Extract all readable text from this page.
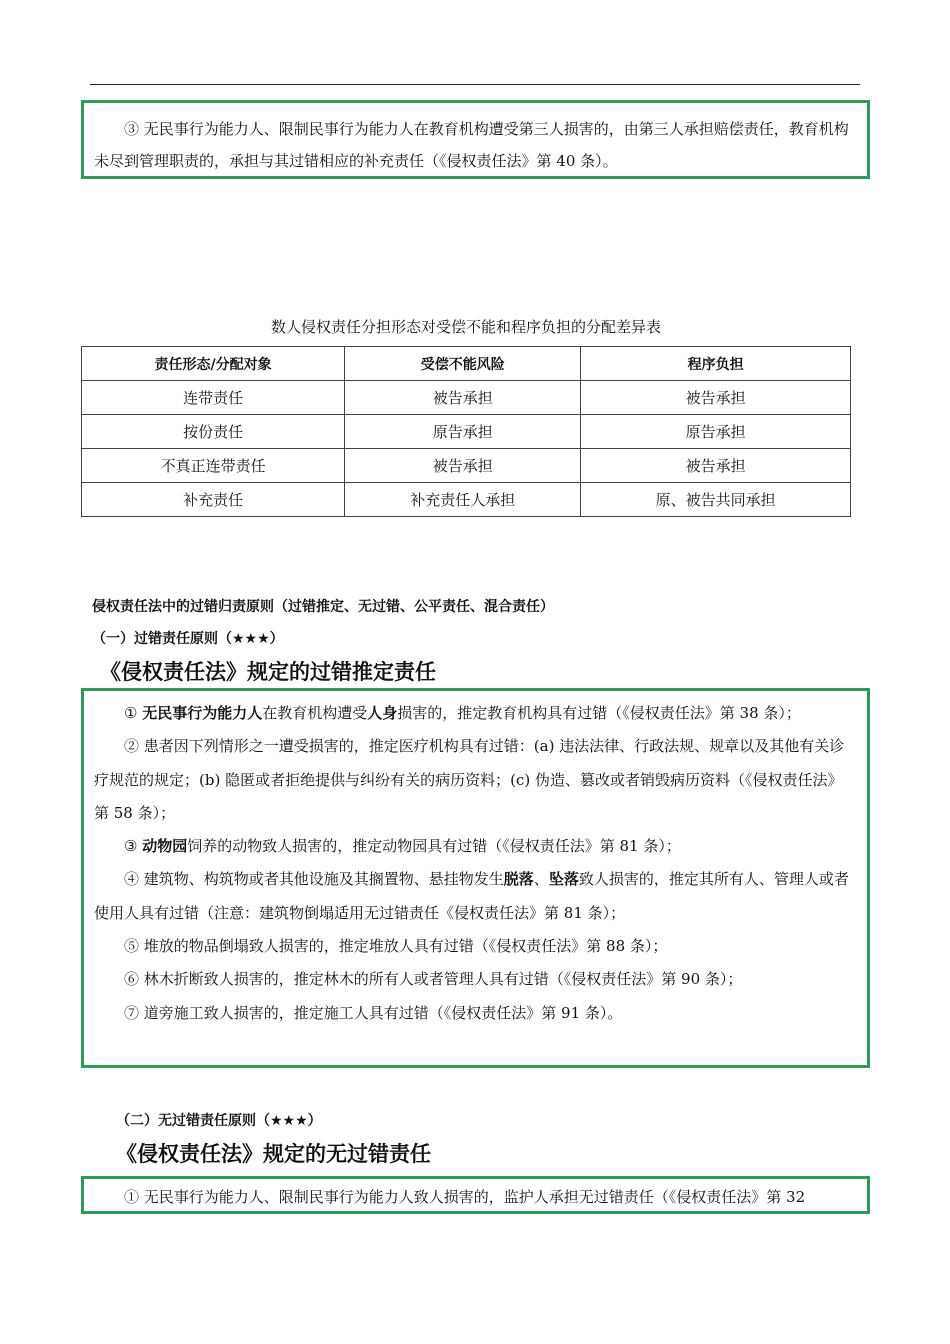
③ 无民事行为能力人、限制民事行为能力人在教育机构遭受第三人损害的，由第三人承担赔偿责任，教育机构未尽到管理职责的，承担与其过错相应的补充责任（《侵权责任法》第 40 条）。

数人侵权责任分担形态对受偿不能和程序负担的分配差异表
责任形态/分配对象	受偿不能风险	程序负担
连带责任	被告承担	被告承担
按份责任	原告承担	原告承担
不真正连带责任	被告承担	被告承担
补充责任	补充责任人承担	原、被告共同承担
侵权责任法中的过错归责原则（过错推定、无过错、公平责任、混合责任）
（一）过错责任原则（★★★）
《侵权责任法》规定的过错推定责任

① 无民事行为能力人在教育机构遭受人身损害的，推定教育机构具有过错（《侵权责任法》第 38 条）；

② 患者因下列情形之一遭受损害的，推定医疗机构具有过错：(a) 违法法律、行政法规、规章以及其他有关诊疗规范的规定；(b) 隐匿或者拒绝提供与纠纷有关的病历资料；(c) 伪造、篡改或者销毁病历资料（《侵权责任法》第 58 条）；

③ 动物园饲养的动物致人损害的，推定动物园具有过错（《侵权责任法》第 81 条）；

④ 建筑物、构筑物或者其他设施及其搁置物、悬挂物发生脱落、坠落致人损害的，推定其所有人、管理人或者使用人具有过错（注意：建筑物倒塌适用无过错责任《侵权责任法》第 81 条）；

⑤ 堆放的物品倒塌致人损害的，推定堆放人具有过错（《侵权责任法》第 88 条）；

⑥ 林木折断致人损害的，推定林木的所有人或者管理人具有过错（《侵权责任法》第 90 条）；

⑦ 道旁施工致人损害的，推定施工人具有过错（《侵权责任法》第 91 条）。

（二）无过错责任原则（★★★）
《侵权责任法》规定的无过错责任

① 无民事行为能力人、限制民事行为能力人致人损害的，监护人承担无过错责任（《侵权责任法》第 32
